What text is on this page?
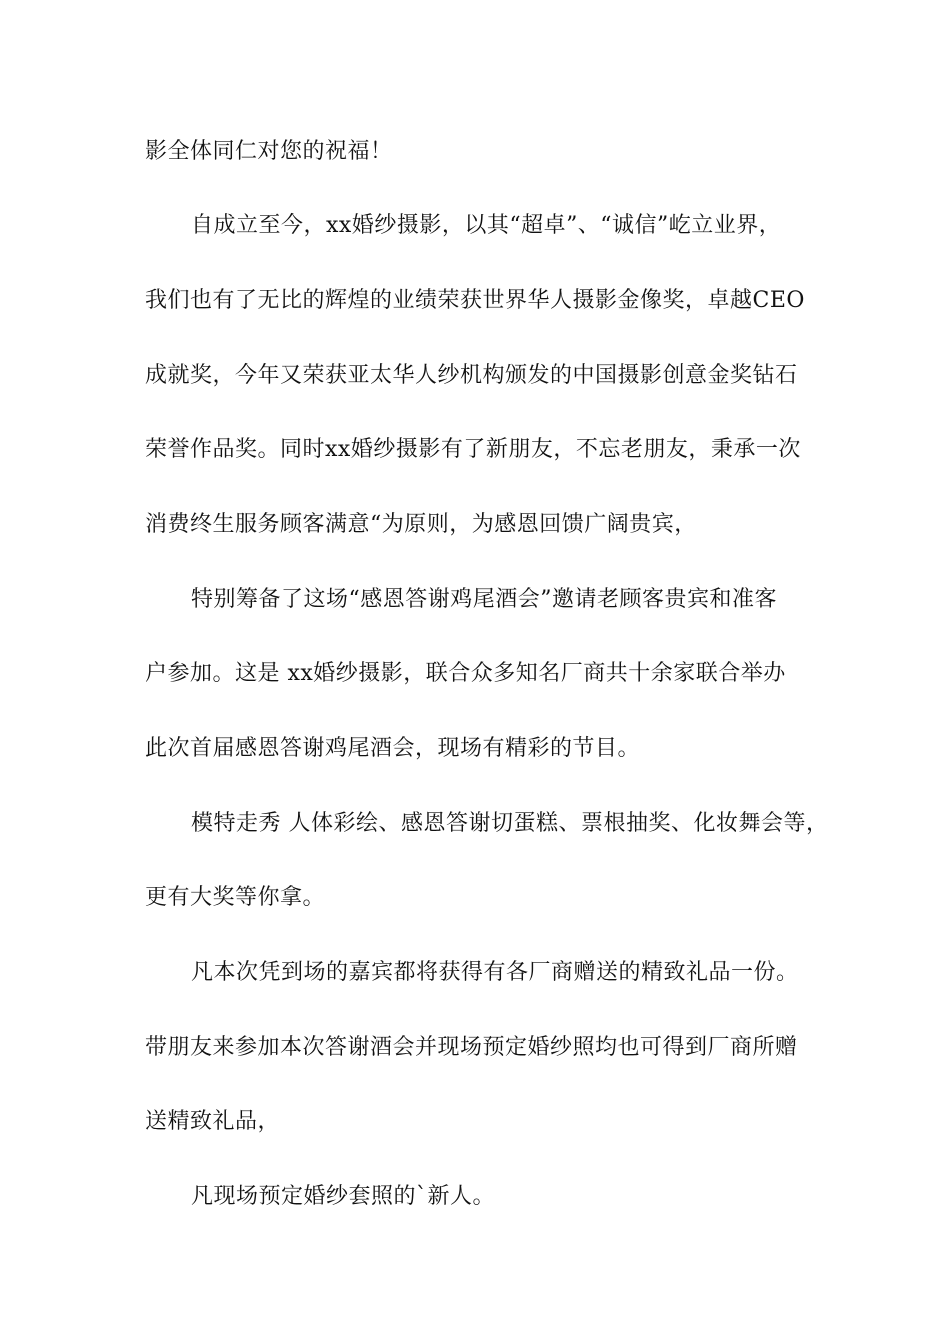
影全体同仁对您的祝福！
自成立至今，xx婚纱摄影，以其“超卓”、“诚信”屹立业界，
我们也有了无比的辉煌的业绩荣获世界华人摄影金像奖，卓越CEO
成就奖，今年又荣获亚太华人纱机构颁发的中国摄影创意金奖钻石
荣誉作品奖。同时xx婚纱摄影有了新朋友，不忘老朋友，秉承一次
消费终生服务顾客满意“为原则，为感恩回馈广阔贵宾，
特别筹备了这场“感恩答谢鸡尾酒会”邀请老顾客贵宾和准客
户参加。这是 xx婚纱摄影，联合众多知名厂商共十余家联合举办
此次首届感恩答谢鸡尾酒会，现场有精彩的节目。
模特走秀 人体彩绘、感恩答谢切蛋糕、票根抽奖、化妆舞会等，
更有大奖等你拿。
凡本次凭到场的嘉宾都将获得有各厂商赠送的精致礼品一份。
带朋友来参加本次答谢酒会并现场预定婚纱照均也可得到厂商所赠
送精致礼品，
凡现场预定婚纱套照的`新人。
